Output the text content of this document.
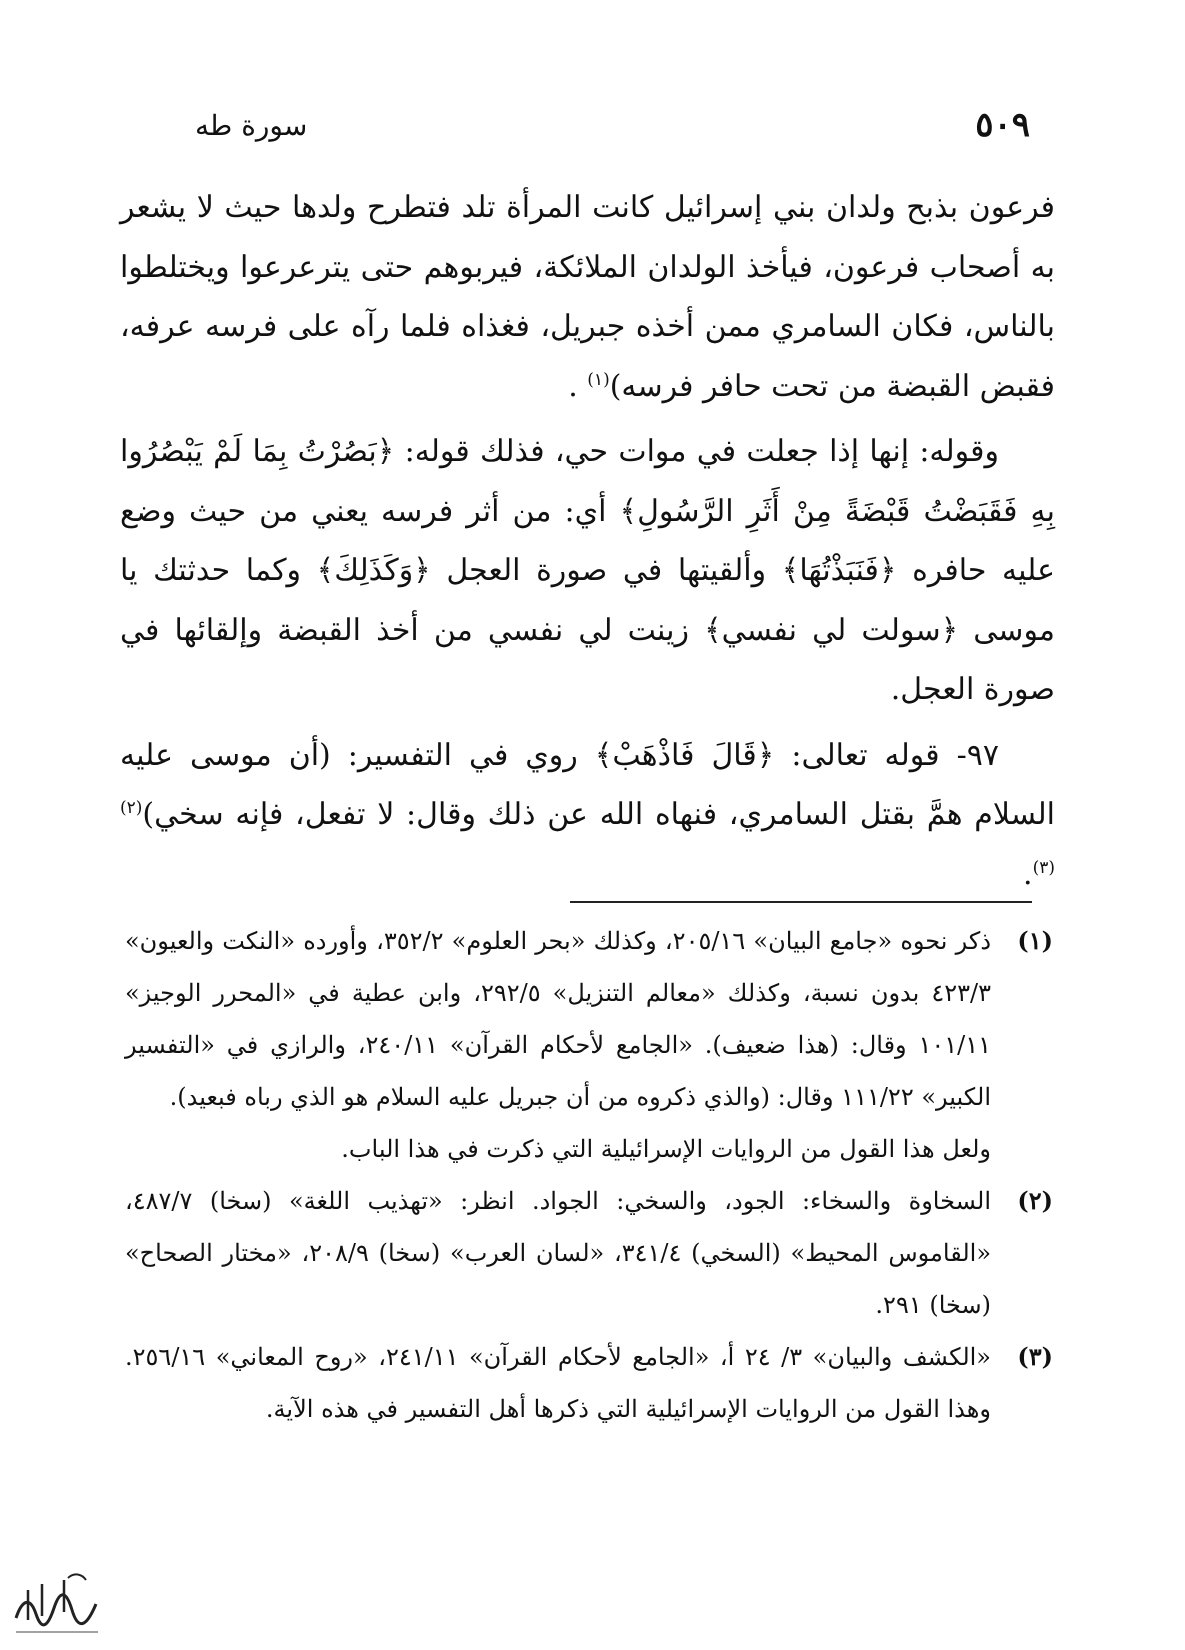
٥٠٩
سورة طه

فرعون بذبح ولدان بني إسرائيل كانت المرأة تلد فتطرح ولدها حيث لا يشعر به أصحاب فرعون، فيأخذ الولدان الملائكة، فيربوهم حتى يترعرعوا ويختلطوا بالناس، فكان السامري ممن أخذه جبريل، فغذاه فلما رآه على فرسه عرفه، فقبض القبضة من تحت حافر فرسه)$^{(١)}$ .

وقوله: إنها إذا جعلت في موات حي، فذلك قوله: ﴿بَصُرْتُ بِمَا لَمْ يَبْصُرُوا بِهِ فَقَبَضْتُ قَبْضَةً مِنْ أَثَرِ الرَّسُولِ﴾ أي: من أثر فرسه يعني من حيث وضع عليه حافره ﴿فَنَبَذْتُهَا﴾ وألقيتها في صورة العجل ﴿وَكَذَلِكَ﴾ وكما حدثتك يا موسى ﴿سولت لي نفسي﴾ زينت لي نفسي من أخذ القبضة وإلقائها في صورة العجل.

٩٧- قوله تعالى: ﴿قَالَ فَاذْهَبْ﴾ روي في التفسير: (أن موسى عليه السلام همَّ بقتل السامري، فنهاه الله عن ذلك وقال: لا تفعل، فإنه سخي)$^{(٢)(٣)}$.

(١)

ذكر نحوه «جامع البيان» ٢٠٥/١٦، وكذلك «بحر العلوم» ٣٥٢/٢، وأورده «النكت والعيون» ٤٢٣/٣ بدون نسبة، وكذلك «معالم التنزيل» ٢٩٢/٥، وابن عطية في «المحرر الوجيز» ١٠١/١١ وقال: (هذا ضعيف). «الجامع لأحكام القرآن» ٢٤٠/١١، والرازي في «التفسير الكبير» ١١١/٢٢ وقال: (والذي ذكروه من أن جبريل عليه السلام هو الذي رباه فبعيد).

ولعل هذا القول من الروايات الإسرائيلية التي ذكرت في هذا الباب.

(٢)

السخاوة والسخاء: الجود، والسخي: الجواد. انظر: «تهذيب اللغة» (سخا) ٤٨٧/٧، «القاموس المحيط» (السخي) ٣٤١/٤، «لسان العرب» (سخا) ٢٠٨/٩، «مختار الصحاح» (سخا) ٢٩١.

(٣)

«الكشف والبيان» ٣/ ٢٤ أ، «الجامع لأحكام القرآن» ٢٤١/١١، «روح المعاني» ٢٥٦/١٦. وهذا القول من الروايات الإسرائيلية التي ذكرها أهل التفسير في هذه الآية.
